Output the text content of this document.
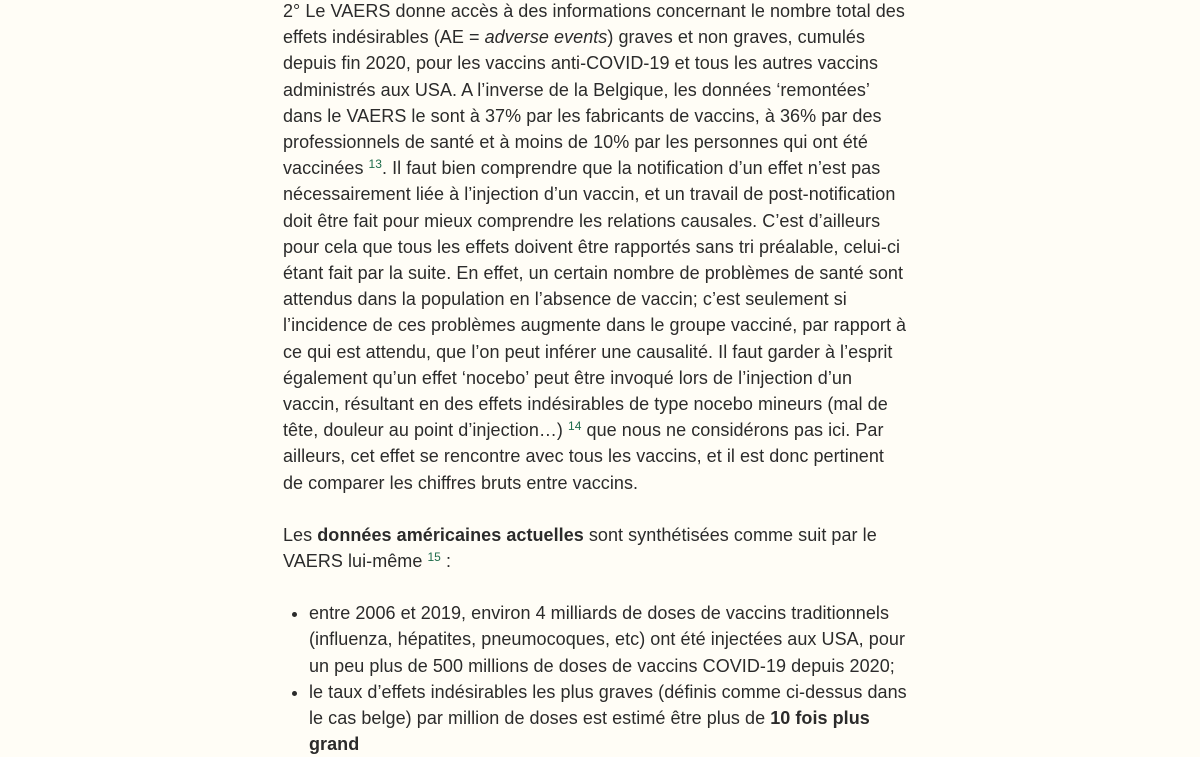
2° Le VAERS donne accès à des informations concernant le nombre total des effets indésirables (AE = adverse events) graves et non graves, cumulés depuis fin 2020, pour les vaccins anti-COVID-19 et tous les autres vaccins administrés aux USA. A l’inverse de la Belgique, les données ‘remontées’ dans le VAERS le sont à 37% par les fabricants de vaccins, à 36% par des professionnels de santé et à moins de 10% par les personnes qui ont été vaccinées $^{13}$. Il faut bien comprendre que la notification d’un effet n’est pas nécessairement liée à l’injection d’un vaccin, et un travail de post-notification doit être fait pour mieux comprendre les relations causales. C’est d’ailleurs pour cela que tous les effets doivent être rapportés sans tri préalable, celui-ci étant fait par la suite. En effet, un certain nombre de problèmes de santé sont attendus dans la population en l’absence de vaccin; c’est seulement si l’incidence de ces problèmes augmente dans le groupe vacciné, par rapport à ce qui est attendu, que l’on peut inférer une causalité. Il faut garder à l’esprit également qu’un effet ‘nocebo’ peut être invoqué lors de l’injection d’un vaccin, résultant en des effets indésirables de type nocebo mineurs (mal de tête, douleur au point d’injection…) $^{14}$ que nous ne considérons pas ici. Par ailleurs, cet effet se rencontre avec tous les vaccins, et il est donc pertinent de comparer les chiffres bruts entre vaccins.

Les données américaines actuelles sont synthétisées comme suit par le VAERS lui-même $^{15}$ :

• entre 2006 et 2019, environ 4 milliards de doses de vaccins traditionnels (influenza, hépatites, pneumocoques, etc) ont été injectées aux USA, pour un peu plus de 500 millions de doses de vaccins COVID-19 depuis 2020;
• le taux d’effets indésirables les plus graves (définis comme ci-dessus dans le cas belge) par million de doses est estimé être plus de 10 fois plus grand
